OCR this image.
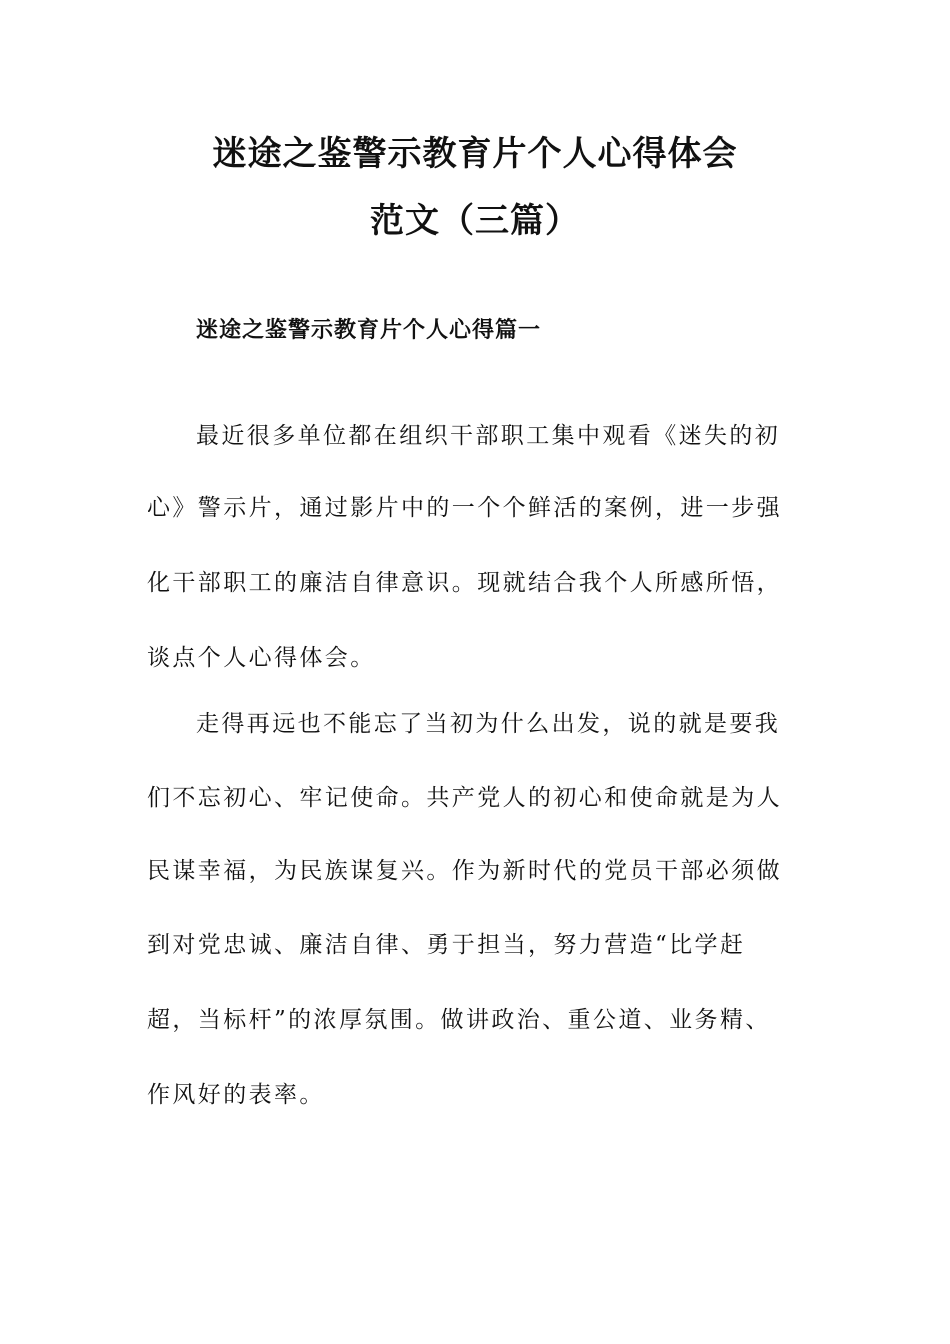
迷途之鉴警示教育片个人心得体会
范文（三篇）
迷途之鉴警示教育片个人心得篇一
最近很多单位都在组织干部职工集中观看《迷失的初
心》警示片，通过影片中的一个个鲜活的案例，进一步强
化干部职工的廉洁自律意识。现就结合我个人所感所悟，
谈点个人心得体会。
走得再远也不能忘了当初为什么出发，说的就是要我
们不忘初心、牢记使命。共产党人的初心和使命就是为人
民谋幸福，为民族谋复兴。作为新时代的党员干部必须做
到对党忠诚、廉洁自律、勇于担当，努力营造“比学赶
超，当标杆”的浓厚氛围。做讲政治、重公道、业务精、
作风好的表率。
